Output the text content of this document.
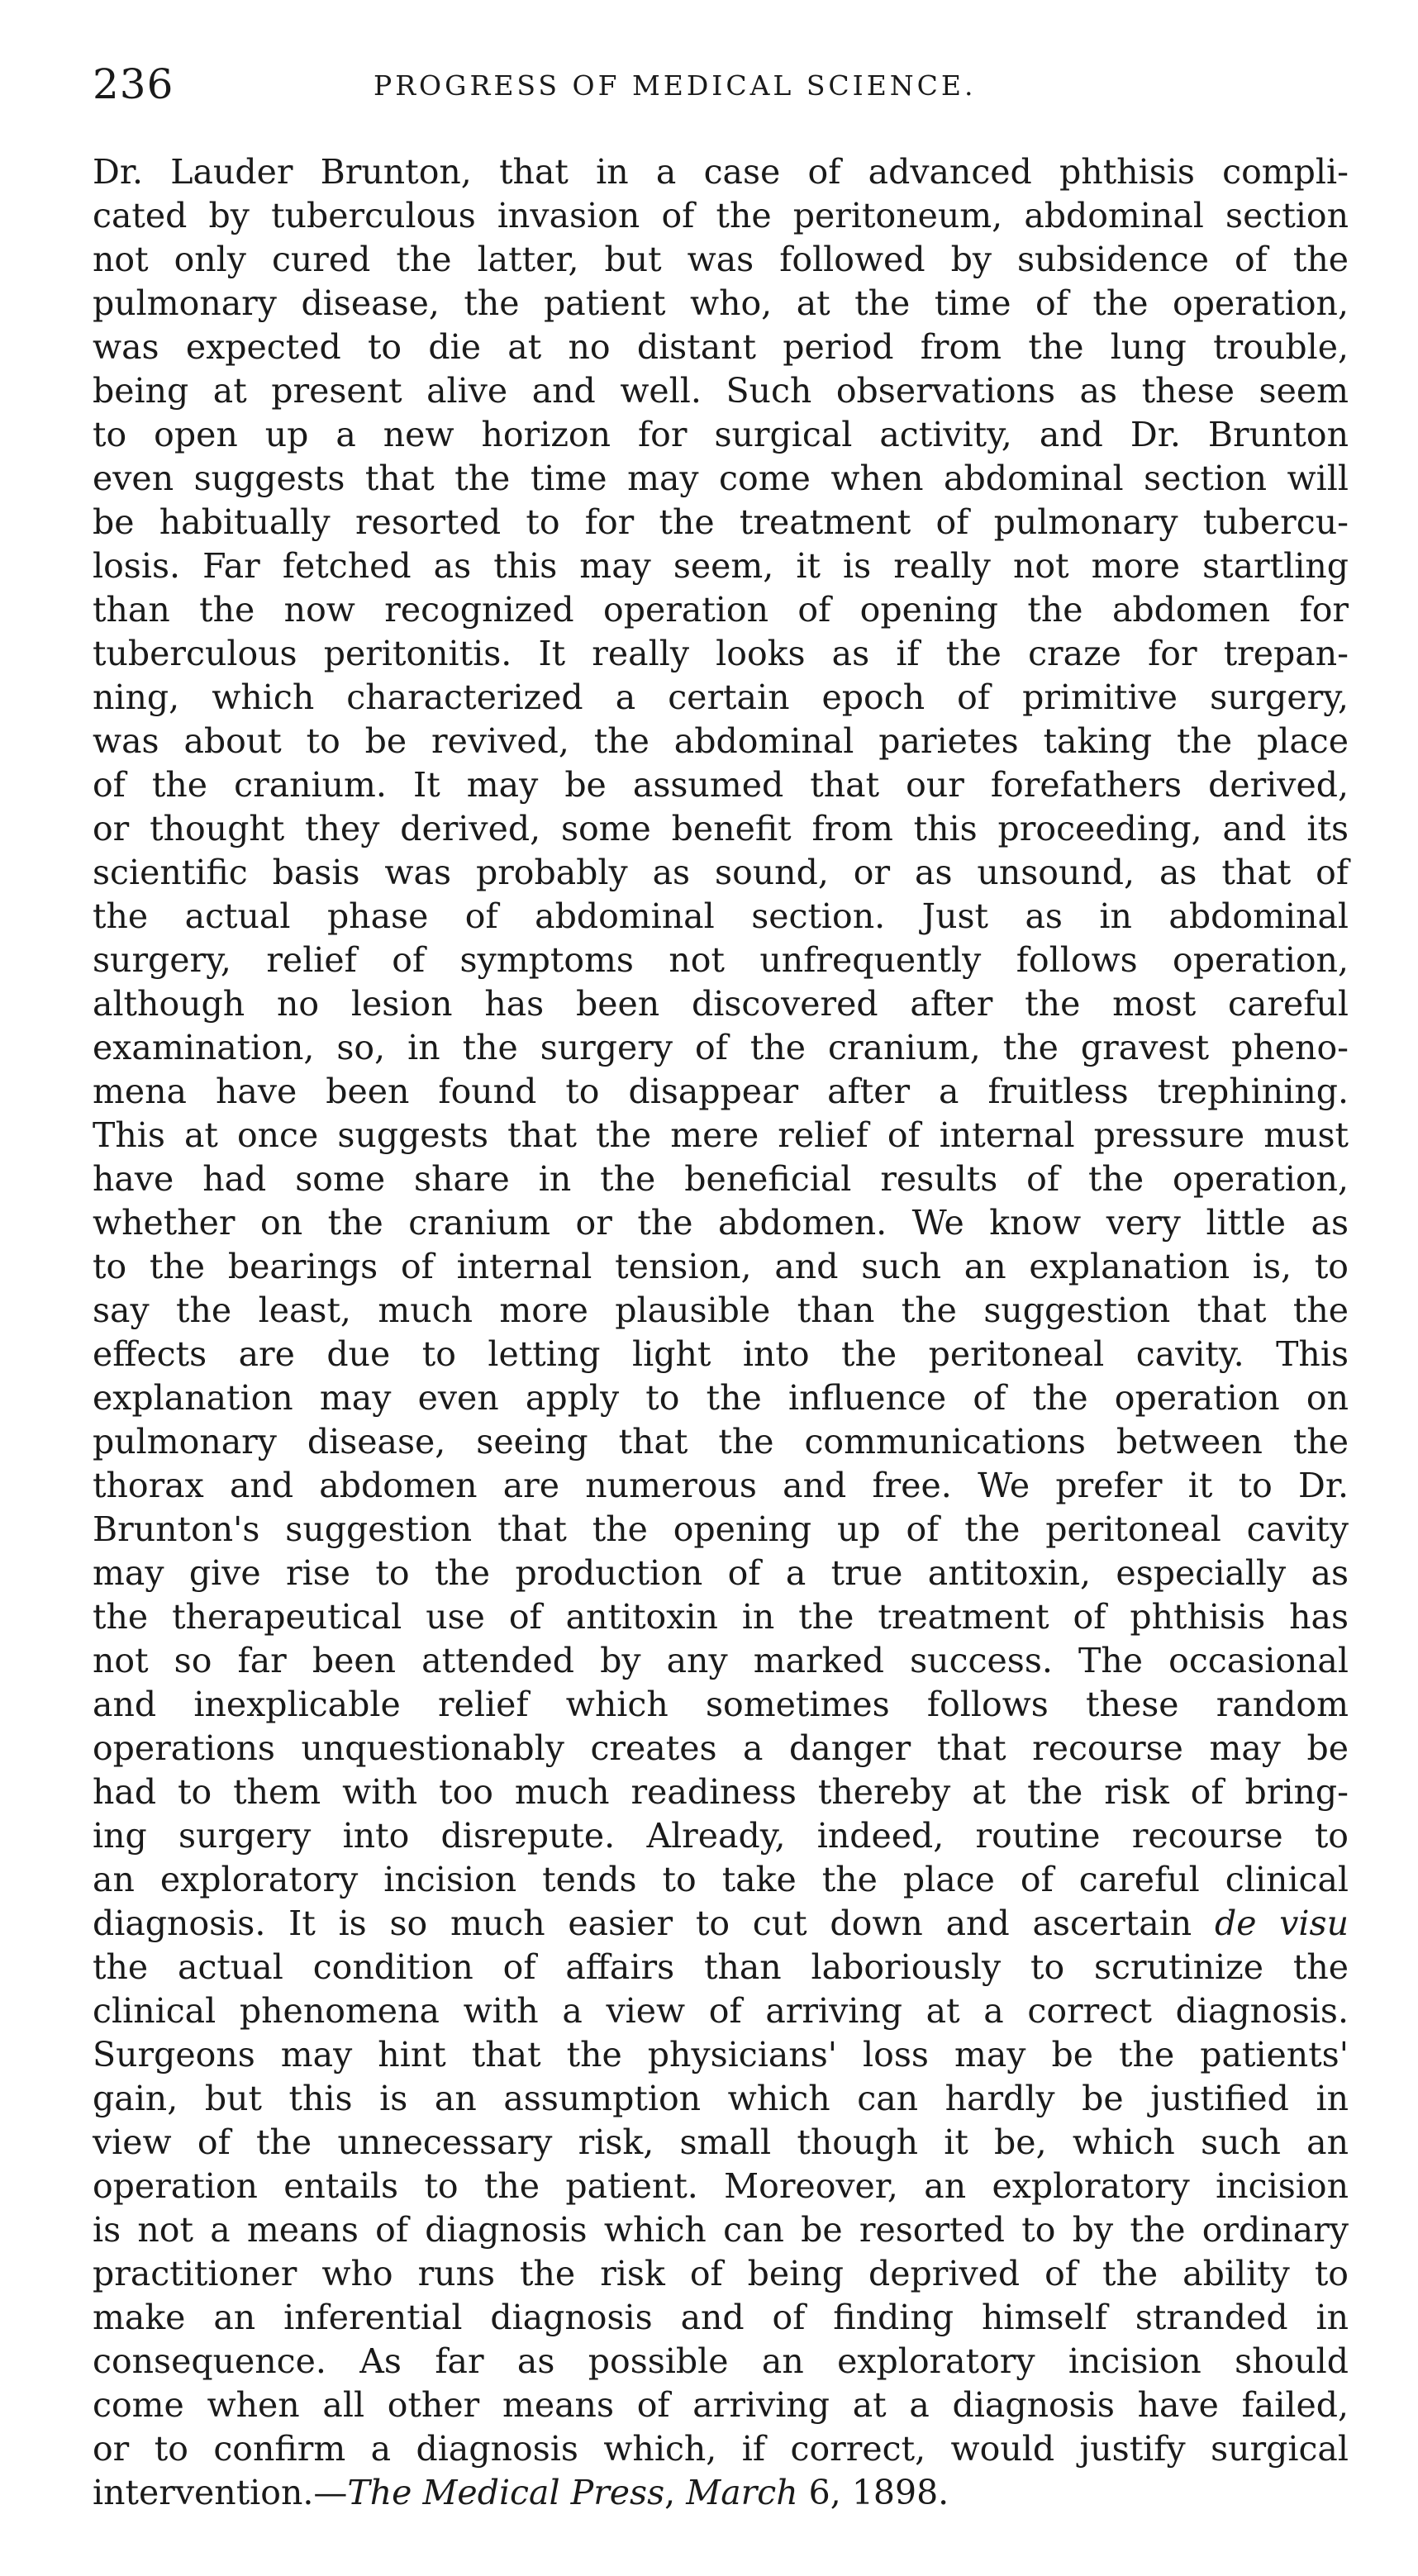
236	PROGRESS OF MEDICAL SCIENCE.
Dr. Lauder Brunton, that in a case of advanced phthisis compli-
cated by tuberculous invasion of the peritoneum, abdominal section
not only cured the latter, but was followed by subsidence of the
pulmonary disease, the patient who, at the time of the operation,
was expected to die at no distant period from the lung trouble,
being at present alive and well. Such observations as these seem
to open up a new horizon for surgical activity, and Dr. Brunton
even suggests that the time may come when abdominal section will
be habitually resorted to for the treatment of pulmonary tubercu-
losis. Far fetched as this may seem, it is really not more startling
than the now recognized operation of opening the abdomen for
tuberculous peritonitis. It really looks as if the craze for trepan-
ning, which characterized a certain epoch of primitive surgery,
was about to be revived, the abdominal parietes taking the place
of the cranium. It may be assumed that our forefathers derived,
or thought they derived, some benefit from this proceeding, and its
scientific basis was probably as sound, or as unsound, as that of
the actual phase of abdominal section. Just as in abdominal
surgery, relief of symptoms not unfrequently follows operation,
although no lesion has been discovered after the most careful
examination, so, in the surgery of the cranium, the gravest pheno-
mena have been found to disappear after a fruitless trephining.
This at once suggests that the mere relief of internal pressure must
have had some share in the beneficial results of the operation,
whether on the cranium or the abdomen. We know very little as
to the bearings of internal tension, and such an explanation is, to
say the least, much more plausible than the suggestion that the
effects are due to letting light into the peritoneal cavity. This
explanation may even apply to the influence of the operation on
pulmonary disease, seeing that the communications between the
thorax and abdomen are numerous and free. We prefer it to Dr.
Brunton's suggestion that the opening up of the peritoneal cavity
may give rise to the production of a true antitoxin, especially as
the therapeutical use of antitoxin in the treatment of phthisis has
not so far been attended by any marked success. The occasional
and inexplicable relief which sometimes follows these random
operations unquestionably creates a danger that recourse may be
had to them with too much readiness thereby at the risk of bring-
ing surgery into disrepute. Already, indeed, routine recourse to
an exploratory incision tends to take the place of careful clinical
diagnosis. It is so much easier to cut down and ascertain de visu
the actual condition of affairs than laboriously to scrutinize the
clinical phenomena with a view of arriving at a correct diagnosis.
Surgeons may hint that the physicians' loss may be the patients'
gain, but this is an assumption which can hardly be justified in
view of the unnecessary risk, small though it be, which such an
operation entails to the patient. Moreover, an exploratory incision
is not a means of diagnosis which can be resorted to by the ordinary
practitioner who runs the risk of being deprived of the ability to
make an inferential diagnosis and of finding himself stranded in
consequence. As far as possible an exploratory incision should
come when all other means of arriving at a diagnosis have failed,
or to confirm a diagnosis which, if correct, would justify surgical
intervention.—The Medical Press, March 6, 1898.
